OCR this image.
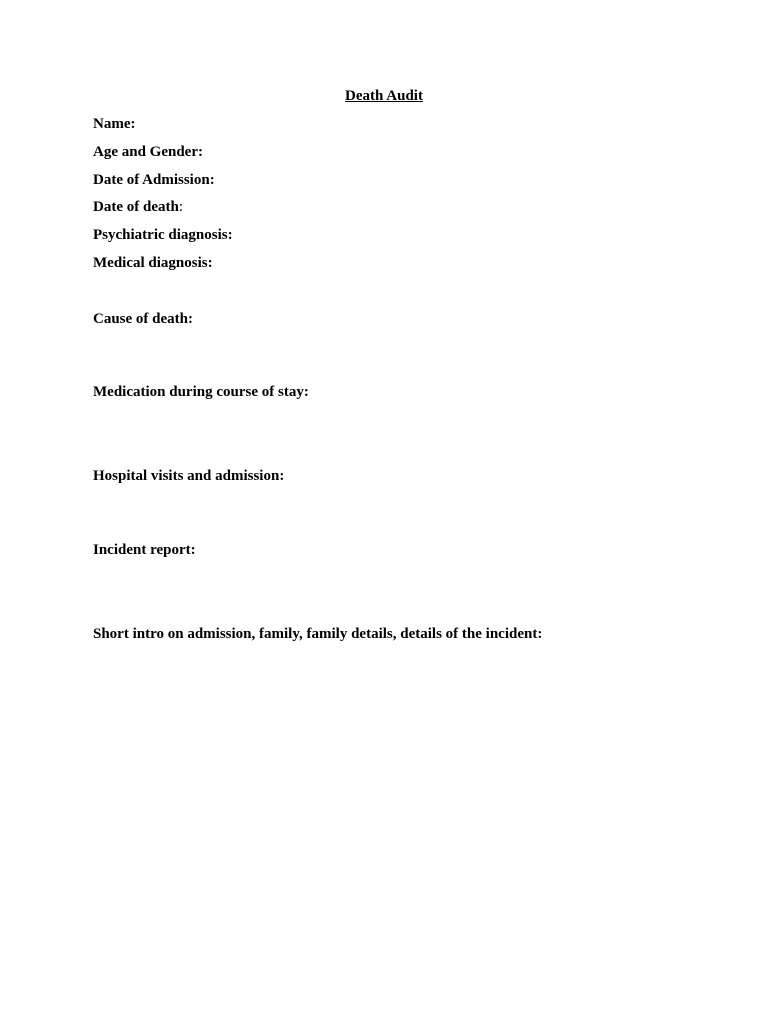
Death Audit
Name:
Age and Gender:
Date of Admission:
Date of death:
Psychiatric diagnosis:
Medical diagnosis:
Cause of death:
Medication during course of stay:
Hospital visits and admission:
Incident report:
Short intro on admission, family, family details, details of the incident:
